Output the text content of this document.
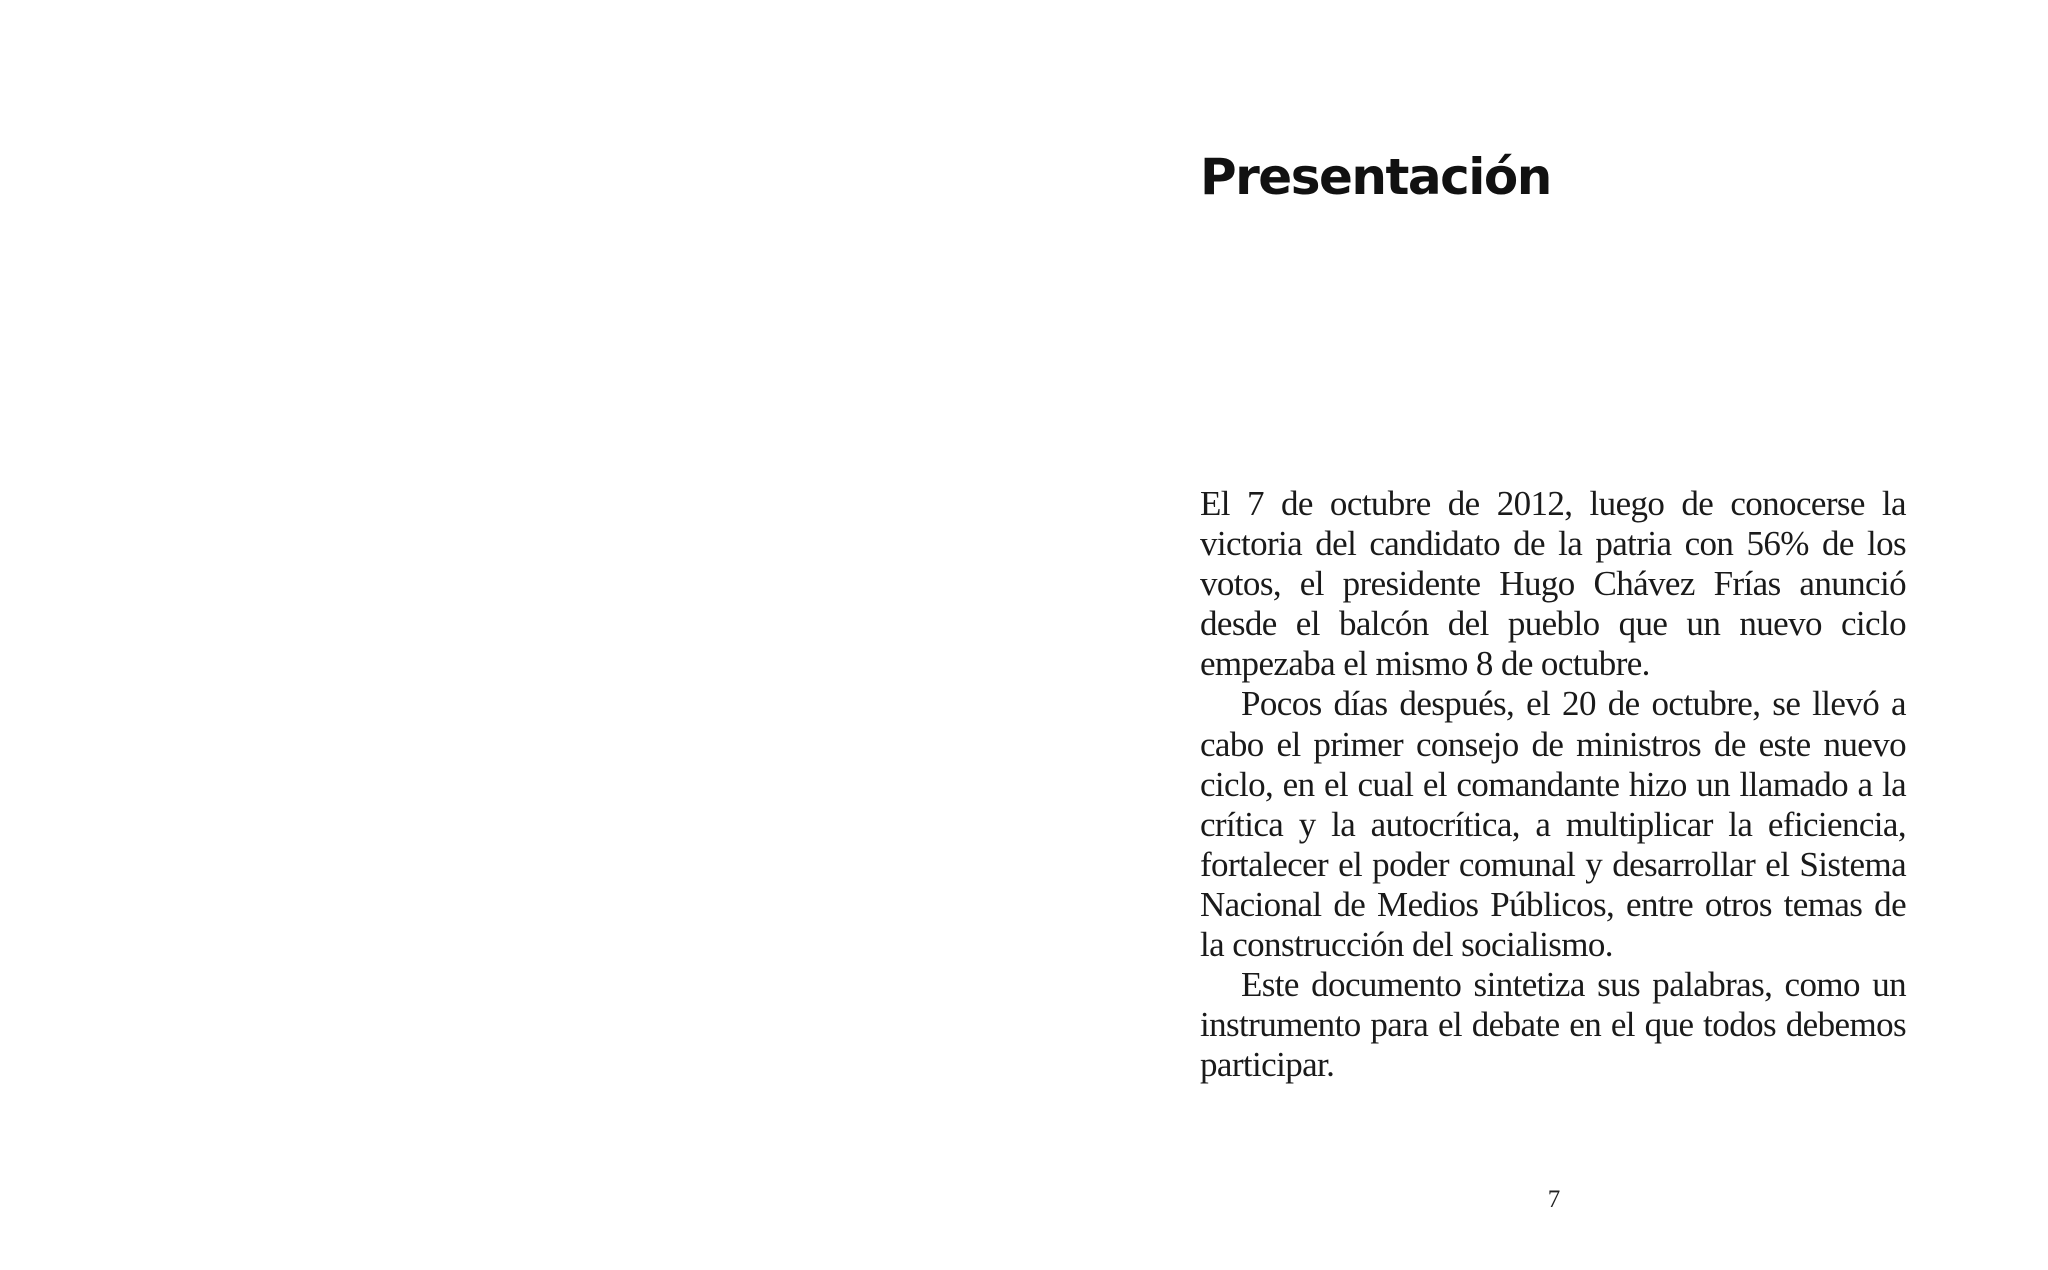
Presentación

El 7 de octubre de 2012, luego de conocerse la victoria del candidato de la patria con 56% de los votos, el presidente Hugo Chávez Frías anunció desde el balcón del pueblo que un nuevo ciclo empezaba el mismo 8 de octubre.

Pocos días después, el 20 de octubre, se llevó a cabo el primer consejo de ministros de este nuevo ciclo, en el cual el comandante hizo un llamado a la crítica y la autocrítica, a multiplicar la eficiencia, fortalecer el poder comunal y desarrollar el Sistema Nacional de Medios Públicos, entre otros temas de la construcción del socialismo.

Este documento sintetiza sus palabras, como un instrumento para el debate en el que todos debemos participar.

7
